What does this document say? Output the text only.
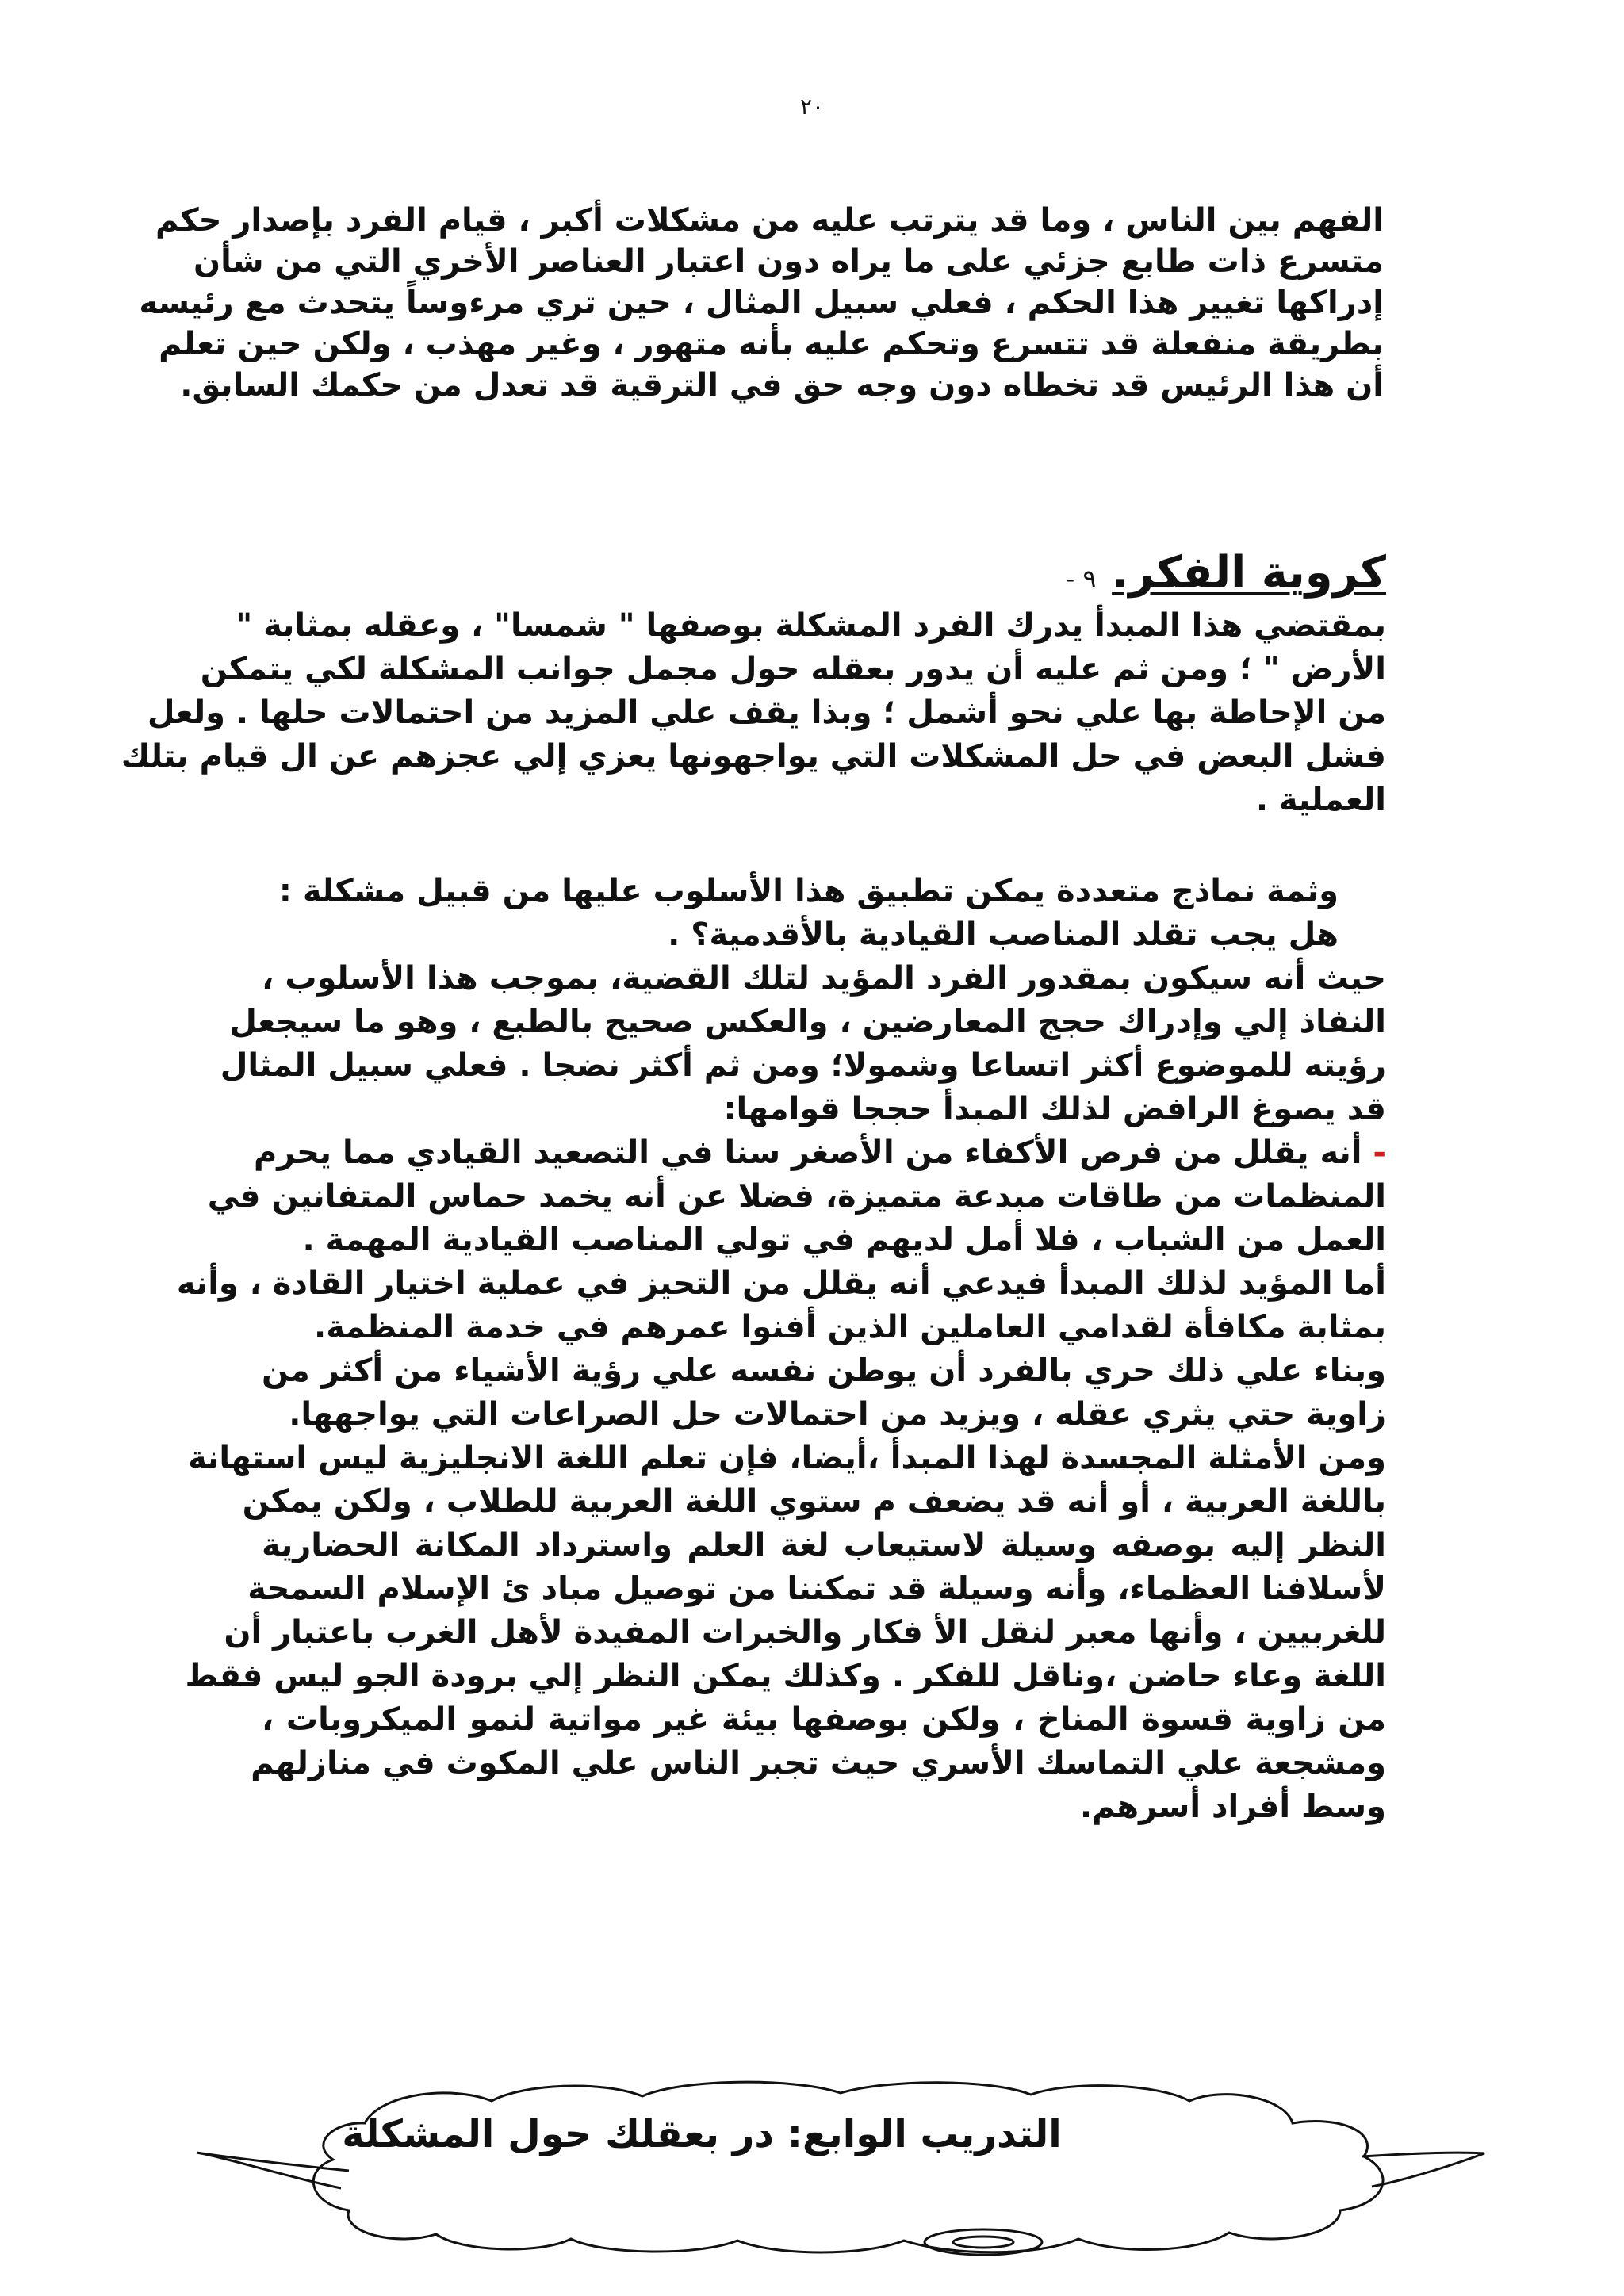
٢٠
الفهم بين الناس ، وما قد يترتب عليه من مشكلات أكبر ، قيام الفرد بإصدار حكم
متسرع ذات طابع جزئي على ما يراه دون اعتبار العناصر الأخري التي من شأن
إدراكها تغيير هذا الحكم ، فعلي سبيل المثال ، حين تري مرءوساً يتحدث مع رئيسه
بطريقة منفعلة قد تتسرع وتحكم عليه بأنه متهور ، وغير مهذب ، ولكن حين تعلم
أن هذا الرئيس قد تخطاه دون وجه حق في الترقية قد تعدل من حكمك السابق.
كروية الفكر. ٩ -
بمقتضي هذا المبدأ يدرك الفرد المشكلة بوصفها " شمسا" ، وعقله بمثابة "
الأرض " ؛ ومن ثم عليه أن يدور بعقله حول مجمل جوانب المشكلة لكي يتمكن
من الإحاطة بها علي نحو أشمل ؛ وبذا يقف علي المزيد من احتمالات حلها . ولعل
فشل البعض في حل المشكلات التي يواجهونها يعزي إلي عجزهم عن ال قيام بتلك
العملية .
وثمة نماذج متعددة يمكن تطبيق هذا الأسلوب عليها من قبيل مشكلة :
هل يجب تقلد المناصب القيادية بالأقدمية؟ .
حيث أنه سيكون بمقدور الفرد المؤيد لتلك القضية، بموجب هذا الأسلوب ،
النفاذ إلي وإدراك حجج المعارضين ، والعكس صحيح بالطبع ، وهو ما سيجعل
رؤيته للموضوع أكثر اتساعا وشمولا؛ ومن ثم أكثر نضجا . فعلي سبيل المثال
قد يصوغ الرافض لذلك المبدأ حججا قوامها:
- أنه يقلل من فرص الأكفاء من الأصغر سنا في التصعيد القيادي مما يحرم
المنظمات من طاقات مبدعة متميزة، فضلا عن أنه يخمد حماس المتفانين في
العمل من الشباب ، فلا أمل لديهم في تولي المناصب القيادية المهمة .
أما المؤيد لذلك المبدأ فيدعي أنه يقلل من التحيز في عملية اختيار القادة ، وأنه
بمثابة مكافأة لقدامي العاملين الذين أفنوا عمرهم في خدمة المنظمة.
وبناء علي ذلك حري بالفرد أن يوطن نفسه علي رؤية الأشياء من أكثر من
زاوية حتي يثري عقله ، ويزيد من احتمالات حل الصراعات التي يواجهها.
ومن الأمثلة المجسدة لهذا المبدأ ،أيضا، فإن تعلم اللغة الانجليزية ليس استهانة
باللغة العربية ، أو أنه قد يضعف م ستوي اللغة العربية للطلاب ، ولكن يمكن
النظر إليه بوصفه وسيلة لاستيعاب لغة العلم واسترداد المكانة الحضارية
لأسلافنا العظماء، وأنه وسيلة قد تمكننا من توصيل مباد ئ الإسلام السمحة
للغربيين ، وأنها معبر لنقل الأ فكار والخبرات المفيدة لأهل الغرب باعتبار أن
اللغة وعاء حاضن ،وناقل للفكر . وكذلك يمكن النظر إلي برودة الجو ليس فقط
من زاوية قسوة المناخ ، ولكن بوصفها بيئة غير مواتية لنمو الميكروبات ،
ومشجعة علي التماسك الأسري حيث تجبر الناس علي المكوث في منازلهم
وسط أفراد أسرهم.
التدريب الوابع: در بعقلك حول المشكلة
